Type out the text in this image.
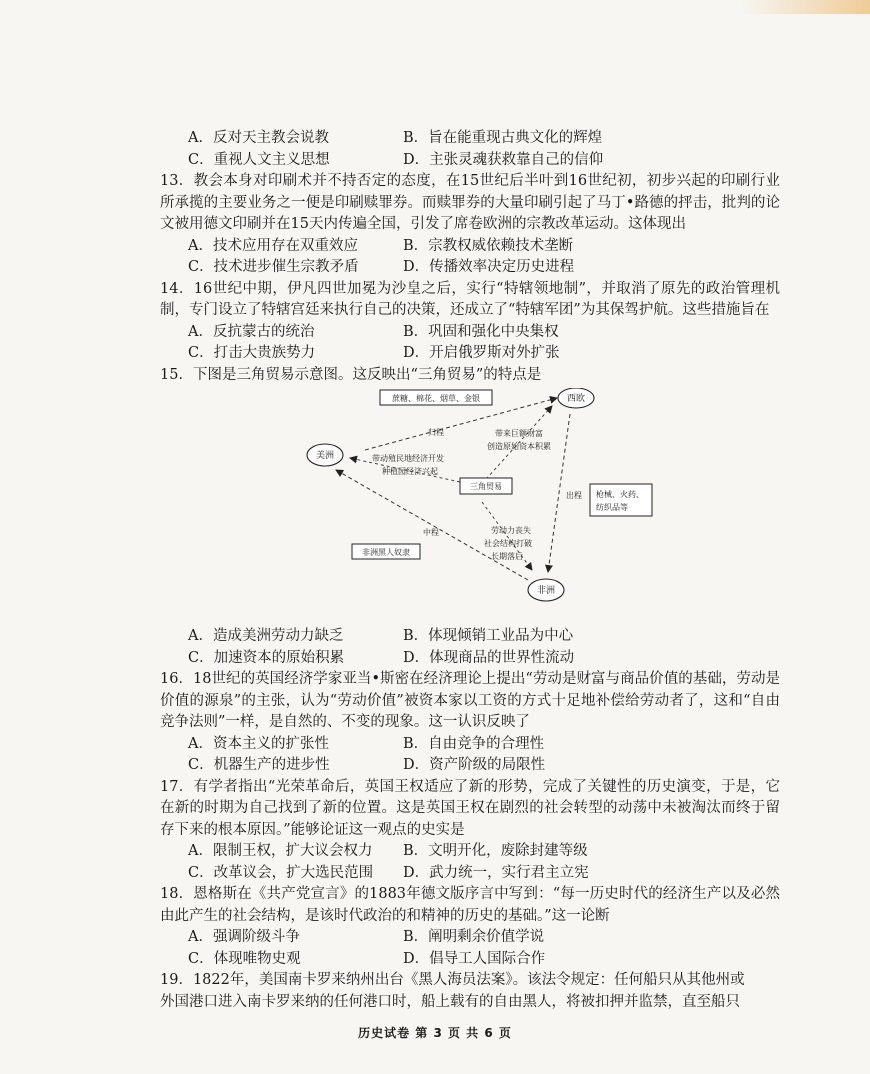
A．反对天主教会说教	B．旨在能重现古典文化的辉煌
C．重视人文主义思想	D．主张灵魂获救靠自己的信仰
13．教会本身对印刷术并不持否定的态度，在15世纪后半叶到16世纪初，初步兴起的印刷行业所承揽的主要业务之一便是印刷赎罪券。而赎罪券的大量印刷引起了马丁•路德的抨击，批判的论文被用德文印刷并在15天内传遍全国，引发了席卷欧洲的宗教改革运动。这体现出
A．技术应用存在双重效应	B．宗教权威依赖技术垄断
C．技术进步催生宗教矛盾	D．传播效率决定历史进程
14．16世纪中期，伊凡四世加冕为沙皇之后，实行“特辖领地制”，并取消了原先的政治管理机制，专门设立了特辖宫廷来执行自己的决策，还成立了“特辖军团”为其保驾护航。这些措施旨在
A．反抗蒙古的统治	B．巩固和强化中央集权
C．打击大贵族势力	D．开启俄罗斯对外扩张
15．下图是三角贸易示意图。这反映出“三角贸易”的特点是
西欧
美洲
非洲
三角贸易
蔗糖、棉花、烟草、金银
枪械、火药、
纺织品等
非洲黑人奴隶
归程
出程
中程
带来巨额财富
创造原始资本积累
带动殖民地经济开发
种植园经济兴起
劳动力丧失
社会结构打破
长期落后
A．造成美洲劳动力缺乏	B．体现倾销工业品为中心
C．加速资本的原始积累	D．体现商品的世界性流动
16．18世纪的英国经济学家亚当•斯密在经济理论上提出“劳动是财富与商品价值的基础，劳动是价值的源泉”的主张，认为“劳动价值”被资本家以工资的方式十足地补偿给劳动者了，这和“自由竞争法则”一样，是自然的、不变的现象。这一认识反映了
A．资本主义的扩张性	B．自由竞争的合理性
C．机器生产的进步性	D．资产阶级的局限性
17．有学者指出“光荣革命后，英国王权适应了新的形势，完成了关键性的历史演变，于是，它在新的时期为自己找到了新的位置。这是英国王权在剧烈的社会转型的动荡中未被淘汰而终于留存下来的根本原因。”能够论证这一观点的史实是
A．限制王权，扩大议会权力	B．文明开化，废除封建等级
C．改革议会，扩大选民范围	D．武力统一，实行君主立宪
18．恩格斯在《共产党宣言》的1883年德文版序言中写到：“每一历史时代的经济生产以及必然由此产生的社会结构，是该时代政治的和精神的历史的基础。”这一论断
A．强调阶级斗争	B．阐明剩余价值学说
C．体现唯物史观	D．倡导工人国际合作
19．1822年，美国南卡罗来纳州出台《黑人海员法案》。该法令规定：任何船只从其他州或
外国港口进入南卡罗来纳的任何港口时，船上载有的自由黑人，将被扣押并监禁，直至船只
历史试卷 第 3 页 共 6 页
